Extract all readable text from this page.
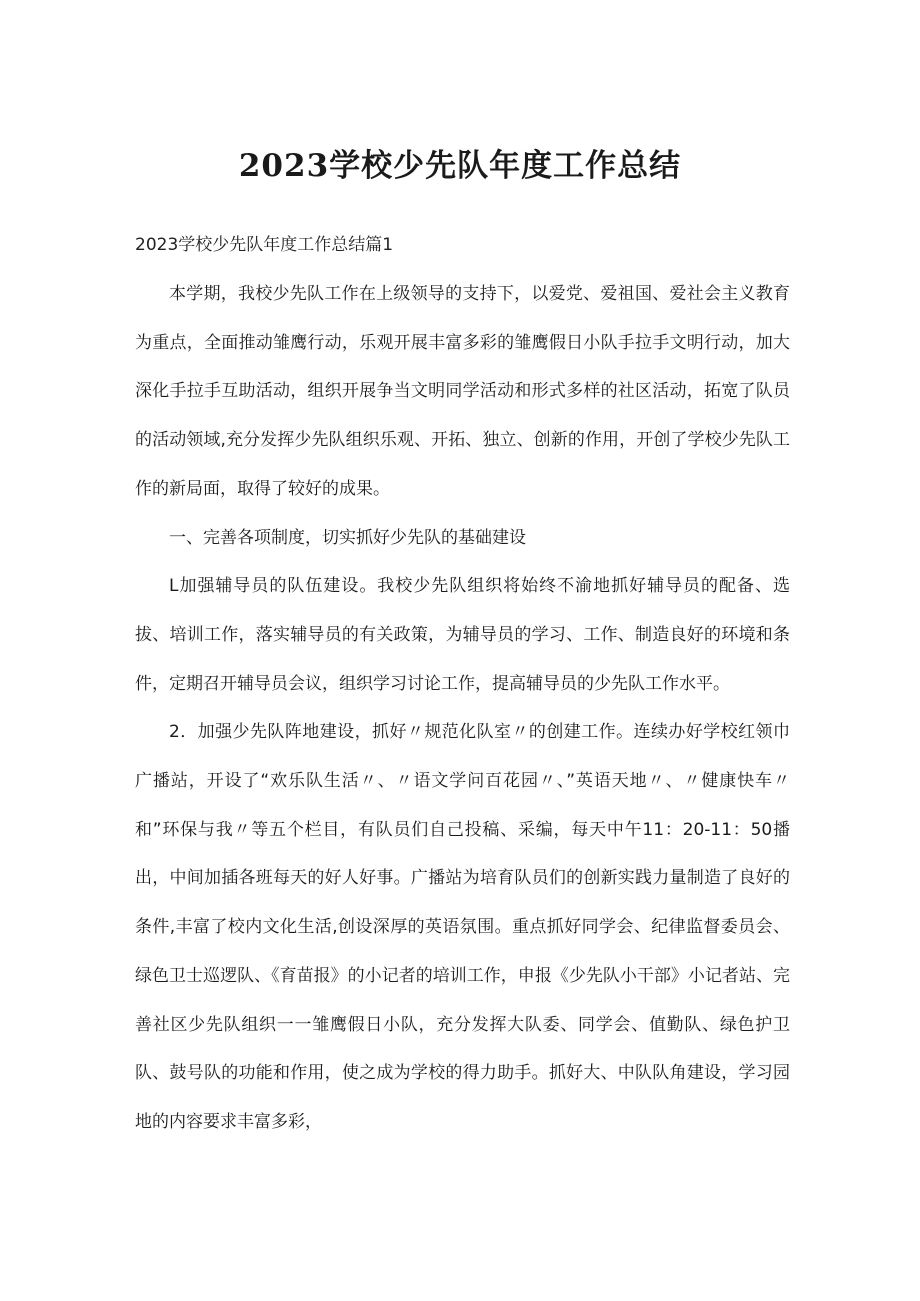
2023学校少先队年度工作总结
2023学校少先队年度工作总结篇1

本学期，我校少先队工作在上级领导的支持下，以爱党、爱祖国、爱社会主义教育为重点，全面推动雏鹰行动，乐观开展丰富多彩的雏鹰假日小队手拉手文明行动，加大深化手拉手互助活动，组织开展争当文明同学活动和形式多样的社区活动，拓宽了队员的活动领域,充分发挥少先队组织乐观、开拓、独立、创新的作用，开创了学校少先队工作的新局面，取得了较好的成果。

一、完善各项制度，切实抓好少先队的基础建设

L加强辅导员的队伍建设。我校少先队组织将始终不渝地抓好辅导员的配备、选拔、培训工作，落实辅导员的有关政策，为辅导员的学习、工作、制造良好的环境和条件，定期召开辅导员会议，组织学习讨论工作，提高辅导员的少先队工作水平。

2．加强少先队阵地建设，抓好〃规范化队室〃的创建工作。连续办好学校红领巾广播站，开设了“欢乐队生活〃、〃语文学问百花园〃、”英语天地〃、〃健康快车〃和”环保与我〃等五个栏目，有队员们自己投稿、采编，每天中午11：20-11：50播出，中间加插各班每天的好人好事。广播站为培育队员们的创新实践力量制造了良好的条件,丰富了校内文化生活,创设深厚的英语氛围。重点抓好同学会、纪律监督委员会、绿色卫士巡逻队、《育苗报》的小记者的培训工作，申报《少先队小干部》小记者站、完善社区少先队组织一一雏鹰假日小队，充分发挥大队委、同学会、值勤队、绿色护卫队、鼓号队的功能和作用，使之成为学校的得力助手。抓好大、中队队角建设，学习园地的内容要求丰富多彩，
